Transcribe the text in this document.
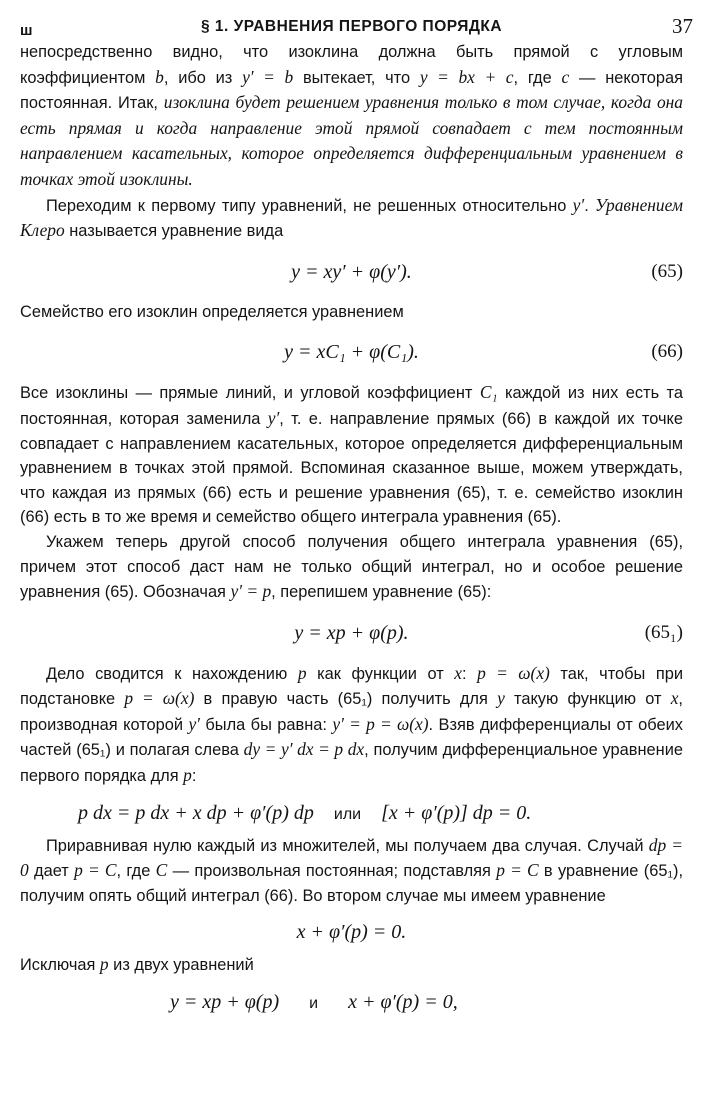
ш	§ 1. УРАВНЕНИЯ ПЕРВОГО ПОРЯДКА	37

непосредственно видно, что изоклина должна быть прямой с угловым коэффициентом b, ибо из y′ = b вытекает, что y = bx + c, где c — некоторая постоянная. Итак, изоклина будет решением уравнения только в том случае, когда она есть прямая и когда направление этой прямой совпадает с тем постоянным направлением касательных, которое определяется дифференциальным уравнением в точках этой изоклины.

Переходим к первому типу уравнений, не решенных относительно y′. Уравнением Клеро называется уравнение вида

y = xy′ + φ(y′).	(65)

Семейство его изоклин определяется уравнением

y = xC₁ + φ(C₁).	(66)

Все изоклины — прямые линий, и угловой коэффициент C₁ каждой из них есть та постоянная, которая заменила y′, т. е. направление прямых (66) в каждой их точке совпадает с направлением касательных, которое определяется дифференциальным уравнением в точках этой прямой. Вспоминая сказанное выше, можем утверждать, что каждая из прямых (66) есть и решение уравнения (65), т. е. семейство изоклин (66) есть в то же время и семейство общего интеграла уравнения (65).

Укажем теперь другой способ получения общего интеграла уравнения (65), причем этот способ даст нам не только общий интеграл, но и особое решение уравнения (65). Обозначая y′ = p, перепишем уравнение (65):

y = xp + φ(p).	(65₁)

Дело сводится к нахождению p как функции от x: p = ω(x) так, чтобы при подстановке p = ω(x) в правую часть (65₁) получить для y такую функцию от x, производная которой y′ была бы равна: y′ = p = ω(x). Взяв дифференциалы от обеих частей (65₁) и полагая слева dy = y′ dx = p dx, получим дифференциальное уравнение первого порядка для p:

p dx = p dx + x dp + φ′(p) dp или [x + φ′(p)] dp = 0.

Приравнивая нулю каждый из множителей, мы получаем два случая. Случай dp = 0 дает p = C, где C — произвольная постоянная; подставляя p = C в уравнение (65₁), получим опять общий интеграл (66). Во втором случае мы имеем уравнение

x + φ′(p) = 0.

Исключая p из двух уравнений

y = xp + φ(p) и x + φ′(p) = 0,
